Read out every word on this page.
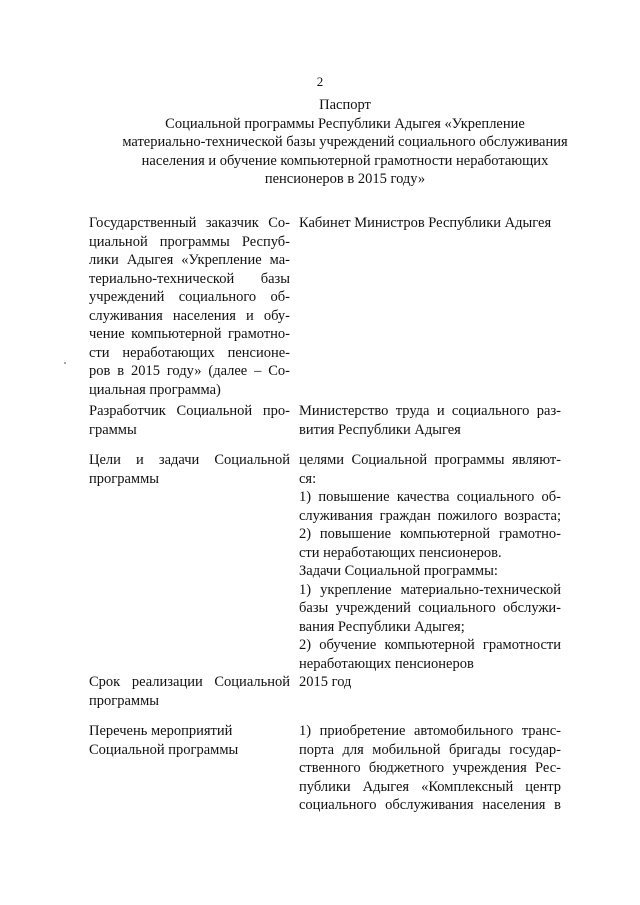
2
Паспорт
Социальной программы Республики Адыгея «Укрепление
материально-технической базы учреждений социального обслуживания
населения и обучение компьютерной грамотности неработающих
пенсионеров в 2015 году»
Государственный заказчик Со-
циальной программы Респуб-
лики Адыгея «Укрепление ма-
териально-технической базы
учреждений социального об-
служивания населения и обу-
чение компьютерной грамотно-
сти неработающих пенсионе-
ров в 2015 году» (далее – Со-
циальная программа)
Кабинет Министров Республики Адыгея
Разработчик Социальной про-
граммы
Министерство труда и социального раз-
вития Республики Адыгея
Цели и задачи Социальной
программы
целями Социальной программы являют-
ся:
1) повышение качества социального об-
служивания граждан пожилого возраста;
2) повышение компьютерной грамотно-
сти неработающих пенсионеров.
Задачи Социальной программы:
1) укрепление материально-технической
базы учреждений социального обслужи-
вания Республики Адыгея;
2) обучение компьютерной грамотности
неработающих пенсионеров
Срок реализации Социальной
программы
2015 год
Перечень мероприятий
Социальной программы
1) приобретение автомобильного транс-
порта для мобильной бригады государ-
ственного бюджетного учреждения Рес-
публики Адыгея «Комплексный центр
социального обслуживания населения в
